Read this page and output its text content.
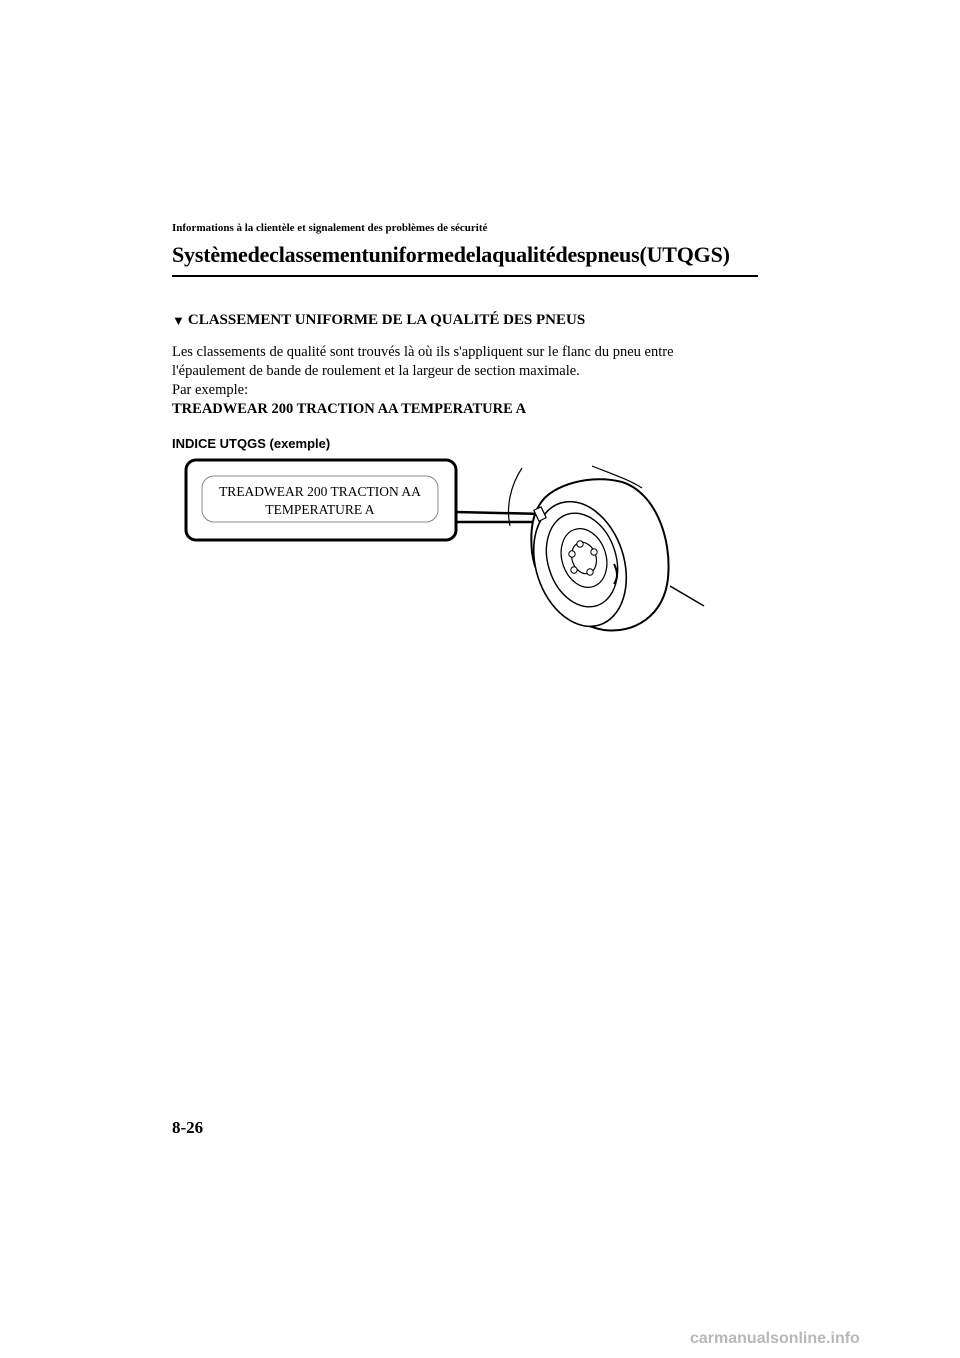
Informations à la clientèle et signalement des problèmes de sécurité
Systèmedeclassementuniformedelaqualitédespneus(UTQGS)
▼ CLASSEMENT UNIFORME DE LA QUALITÉ DES PNEUS

Les classements de qualité sont trouvés là où ils s'appliquent sur le flanc du pneu entre

l'épaulement de bande de roulement et la largeur de section maximale.

Par exemple:

TREADWEAR 200 TRACTION AA TEMPERATURE A

INDICE UTQGS (exemple)
TREADWEAR 200 TRACTION AA
TEMPERATURE A
8-26
carmanualsonline.info
